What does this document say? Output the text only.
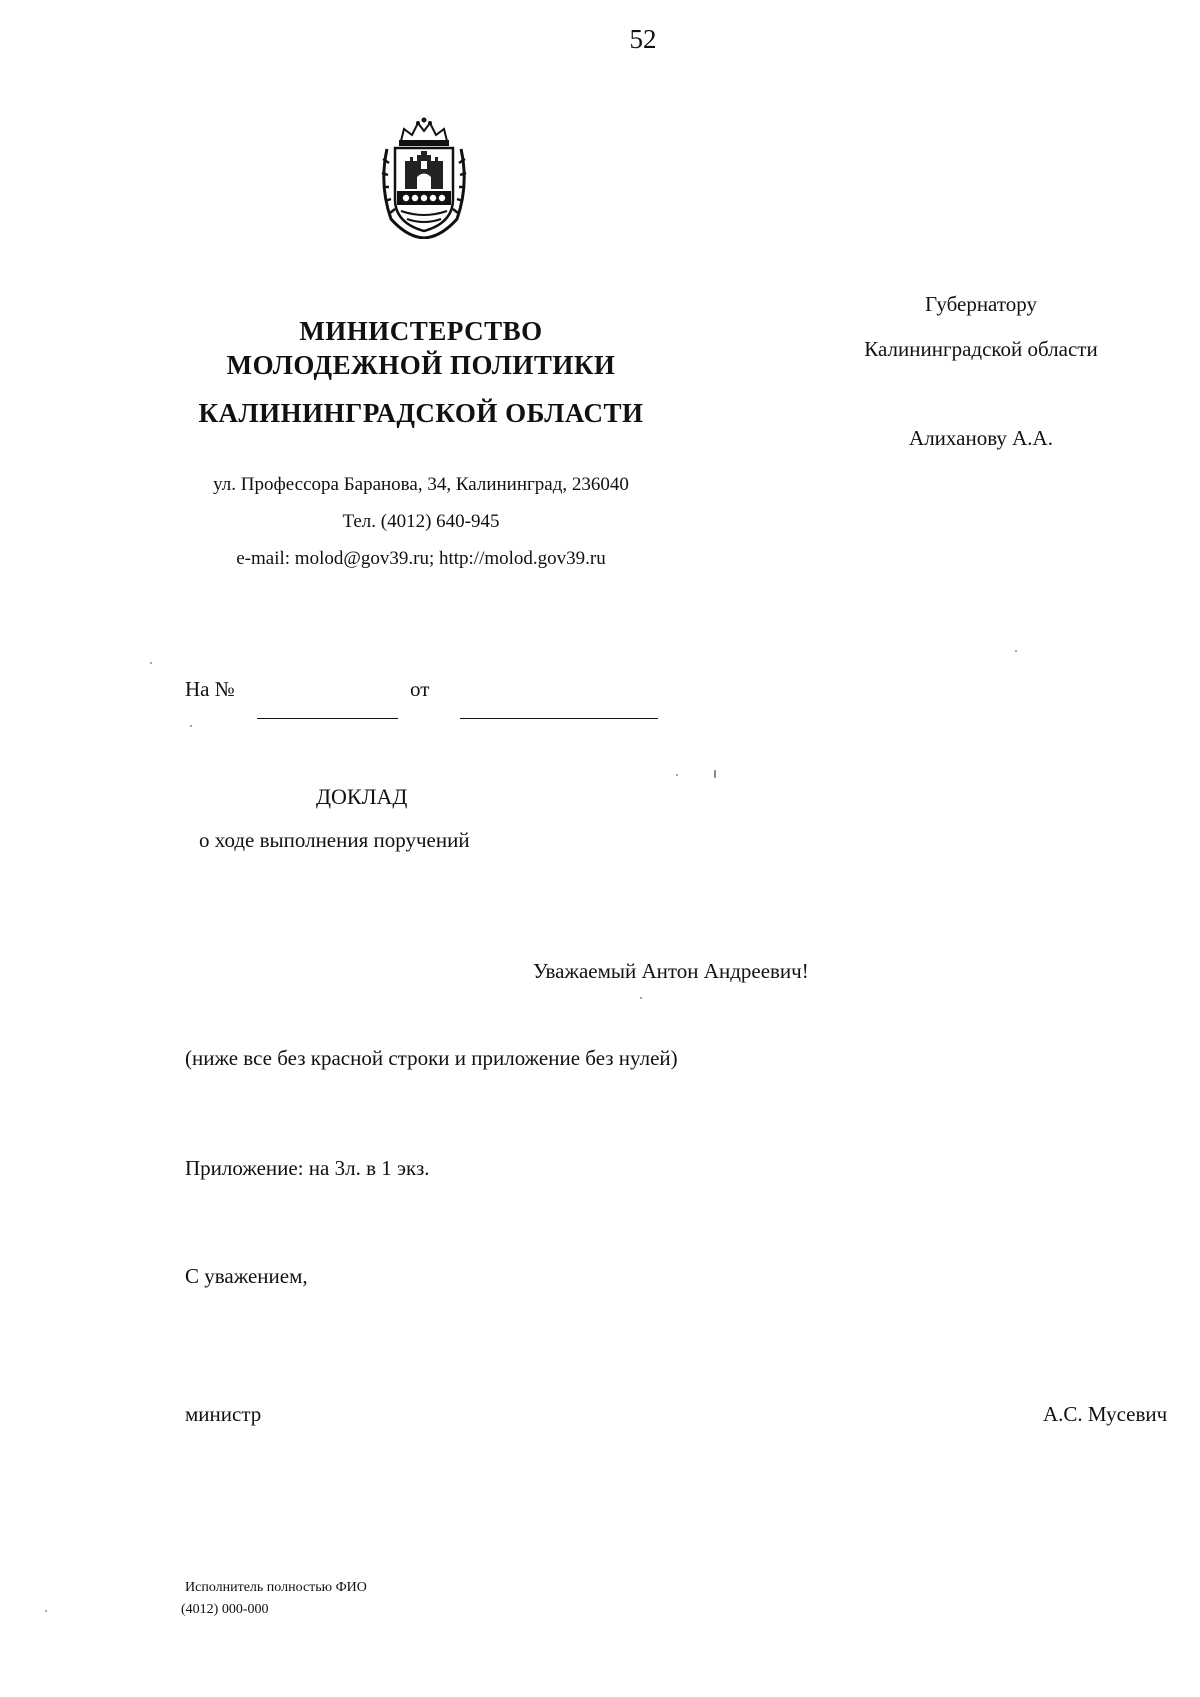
52
МИНИСТЕРСТВО
МОЛОДЕЖНОЙ ПОЛИТИКИ
КАЛИНИНГРАДСКОЙ ОБЛАСТИ
ул. Профессора Баранова, 34, Калининград, 236040
Тел. (4012) 640-945
e-mail: molod@gov39.ru; http://molod.gov39.ru
Губернатору
Калининградской области
Алиханову А.А.
На №	от
ДОКЛАД
о ходе выполнения поручений
Уважаемый Антон Андреевич!
(ниже все без красной строки и приложение без нулей)
Приложение: на 3л. в 1 экз.
С уважением,
министр	А.С. Мусевич
Исполнитель полностью ФИО
(4012) 000-000
